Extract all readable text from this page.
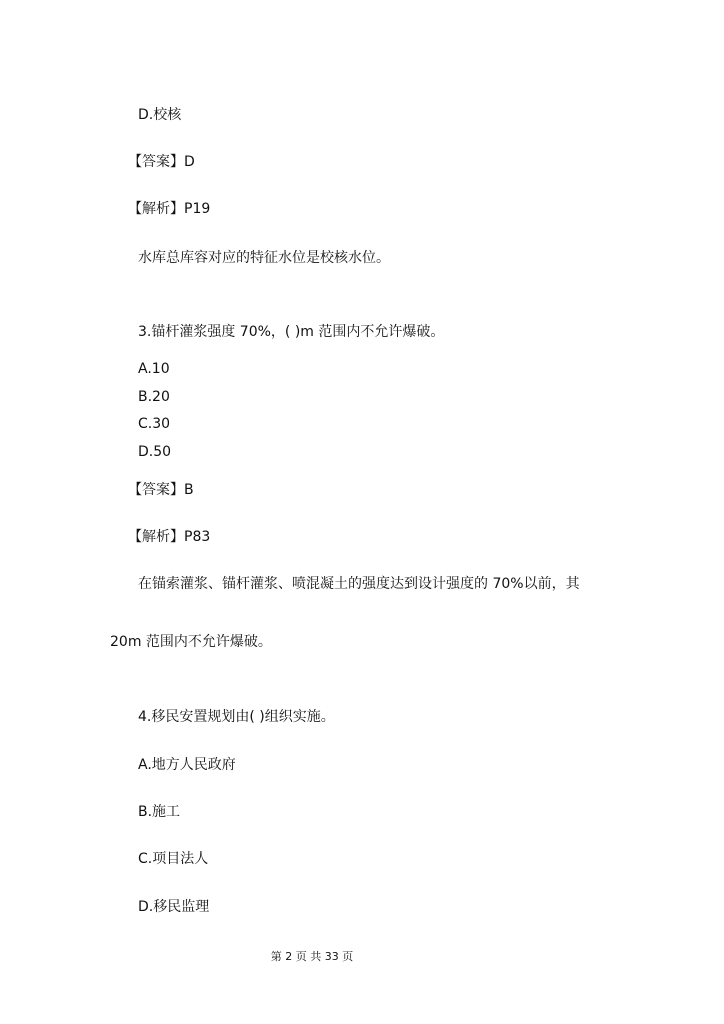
D.校核
【答案】D
【解析】P19
水库总库容对应的特征水位是校核水位。
3.锚杆灌浆强度 70%，( )m 范围内不允许爆破。
A.10
B.20
C.30
D.50
【答案】B
【解析】P83
在锚索灌浆、锚杆灌浆、喷混凝土的强度达到设计强度的 70%以前，其
20m 范围内不允许爆破。
4.移民安置规划由( )组织实施。
A.地方人民政府
B.施工
C.项目法人
D.移民监理
第 2 页 共 33 页
